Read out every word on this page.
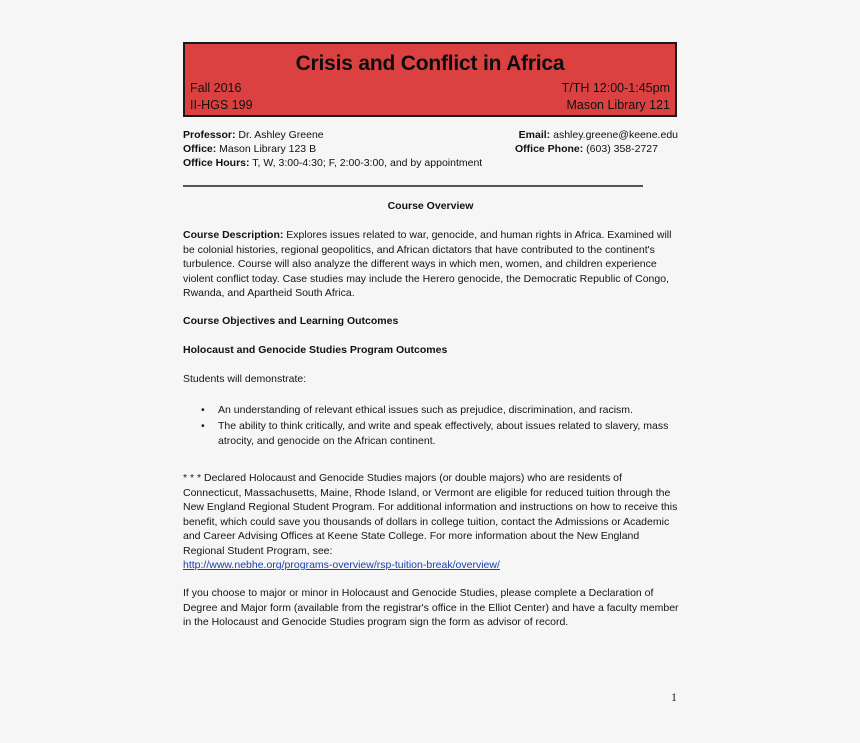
Crisis and Conflict in Africa
Fall 2016	T/TH 12:00-1:45pm
II-HGS 199	Mason Library 121
Professor: Dr. Ashley Greene	Email: ashley.greene@keene.edu
Office: Mason Library 123 B	Office Phone: (603) 358-2727
Office Hours: T, W, 3:00-4:30; F, 2:00-3:00, and by appointment
Course Overview
Course Description: Explores issues related to war, genocide, and human rights in Africa. Examined will be colonial histories, regional geopolitics, and African dictators that have contributed to the continent's turbulence. Course will also analyze the different ways in which men, women, and children experience violent conflict today. Case studies may include the Herero genocide, the Democratic Republic of Congo, Rwanda, and Apartheid South Africa.
Course Objectives and Learning Outcomes
Holocaust and Genocide Studies Program Outcomes
Students will demonstrate:
• An understanding of relevant ethical issues such as prejudice, discrimination, and racism.
• The ability to think critically, and write and speak effectively, about issues related to slavery, mass atrocity, and genocide on the African continent.
* * * Declared Holocaust and Genocide Studies majors (or double majors) who are residents of Connecticut, Massachusetts, Maine, Rhode Island, or Vermont are eligible for reduced tuition through the New England Regional Student Program. For additional information and instructions on how to receive this benefit, which could save you thousands of dollars in college tuition, contact the Admissions or Academic and Career Advising Offices at Keene State College. For more information about the New England Regional Student Program, see:
http://www.nebhe.org/programs-overview/rsp-tuition-break/overview/
If you choose to major or minor in Holocaust and Genocide Studies, please complete a Declaration of Degree and Major form (available from the registrar's office in the Elliot Center) and have a faculty member in the Holocaust and Genocide Studies program sign the form as advisor of record.
1
